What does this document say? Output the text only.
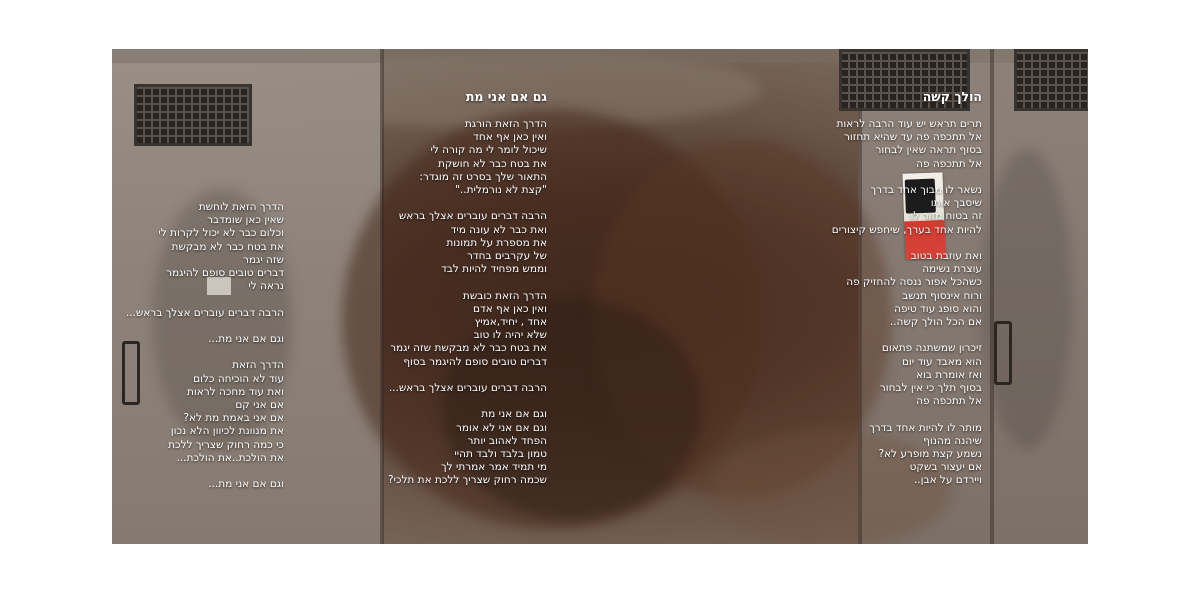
הולך קשה
תרים תראש יש עוד הרבה לראות
אל תתכפה פה עד שהיא תחזור
בסוף תראה שאין לבחור
אל תתכפה פה
נשאר לו מבוך אחד בדרך
שיסבך אותו
זה בטוח מזור לו
להיות אחד בערך, שיחפש קיצורים
ואת עוזבת בטוב
עוצרת נשימה
כשהכל אפור ננסה להחזיק פה
ורוח אינסוף תנשב
והוא סופג עוד טיפה
אם הכל הולך קשה..
זיכרון שמשתנה פתאום
הוא מאבד עוד יום
ואז אומרת בוא
בסוף תלך כי אין לבחור
אל תתכפה פה
מותר לו להיות אחד בדרך
שיהנה מהנוף
נשמע קצת מופרע לא?
אם יעצור בשקט
ויירדם על אבן..
גם אם אני מת
הדרך הזאת הורגת
ואין כאן אף אחד
שיכול לומר לי מה קורה לי
את בטח כבר לא חושקת
התאור שלך בסרט זה מוגדר:
"קצת לא נורמלית.."
הרבה דברים עוברים אצלך בראש
ואת כבר לא עונה מיד
את מספרת על תמונות
של עקרבים בחדר
וממש מפחיד להיות לבד
הדרך הזאת כובשת
ואין כאן אף אדם
אחד , יחיד,אמיץ
שלא יהיה לו טוב
את בטח כבר לא מבקשת שזה יגמר
דברים טובים סופם להיגמר בסוף
הרבה דברים עוברים אצלך בראש...
וגם אם אני מת
וגם אם אני לא אומר
הפחד לאהוב יותר
טמון בלבד ולבד תהיי
מי תמיד אמר אמרתי לך
שכמה רחוק שצריך ללכת את תלכי?
הדרך הזאת לוחשת
שאין כאן שומדבר
וכלום כבר לא יכול לקרות לי
את בטח כבר לא מבקשת
שזה יגמר
דברים טובים סופם להיגמר
נראה לי
הרבה דברים עוברים אצלך בראש...
וגם אם אני מת...
הדרך הזאת
עוד לא הוכיחה כלום
ואת עוד מחכה לראות
אם אני קם
אם אני באמת מת לא?
את מנוונת לכיוון הלא נכון
כי כמה רחוק שצריך ללכת
את הולכת..את הולכת...
וגם אם אני מת...
